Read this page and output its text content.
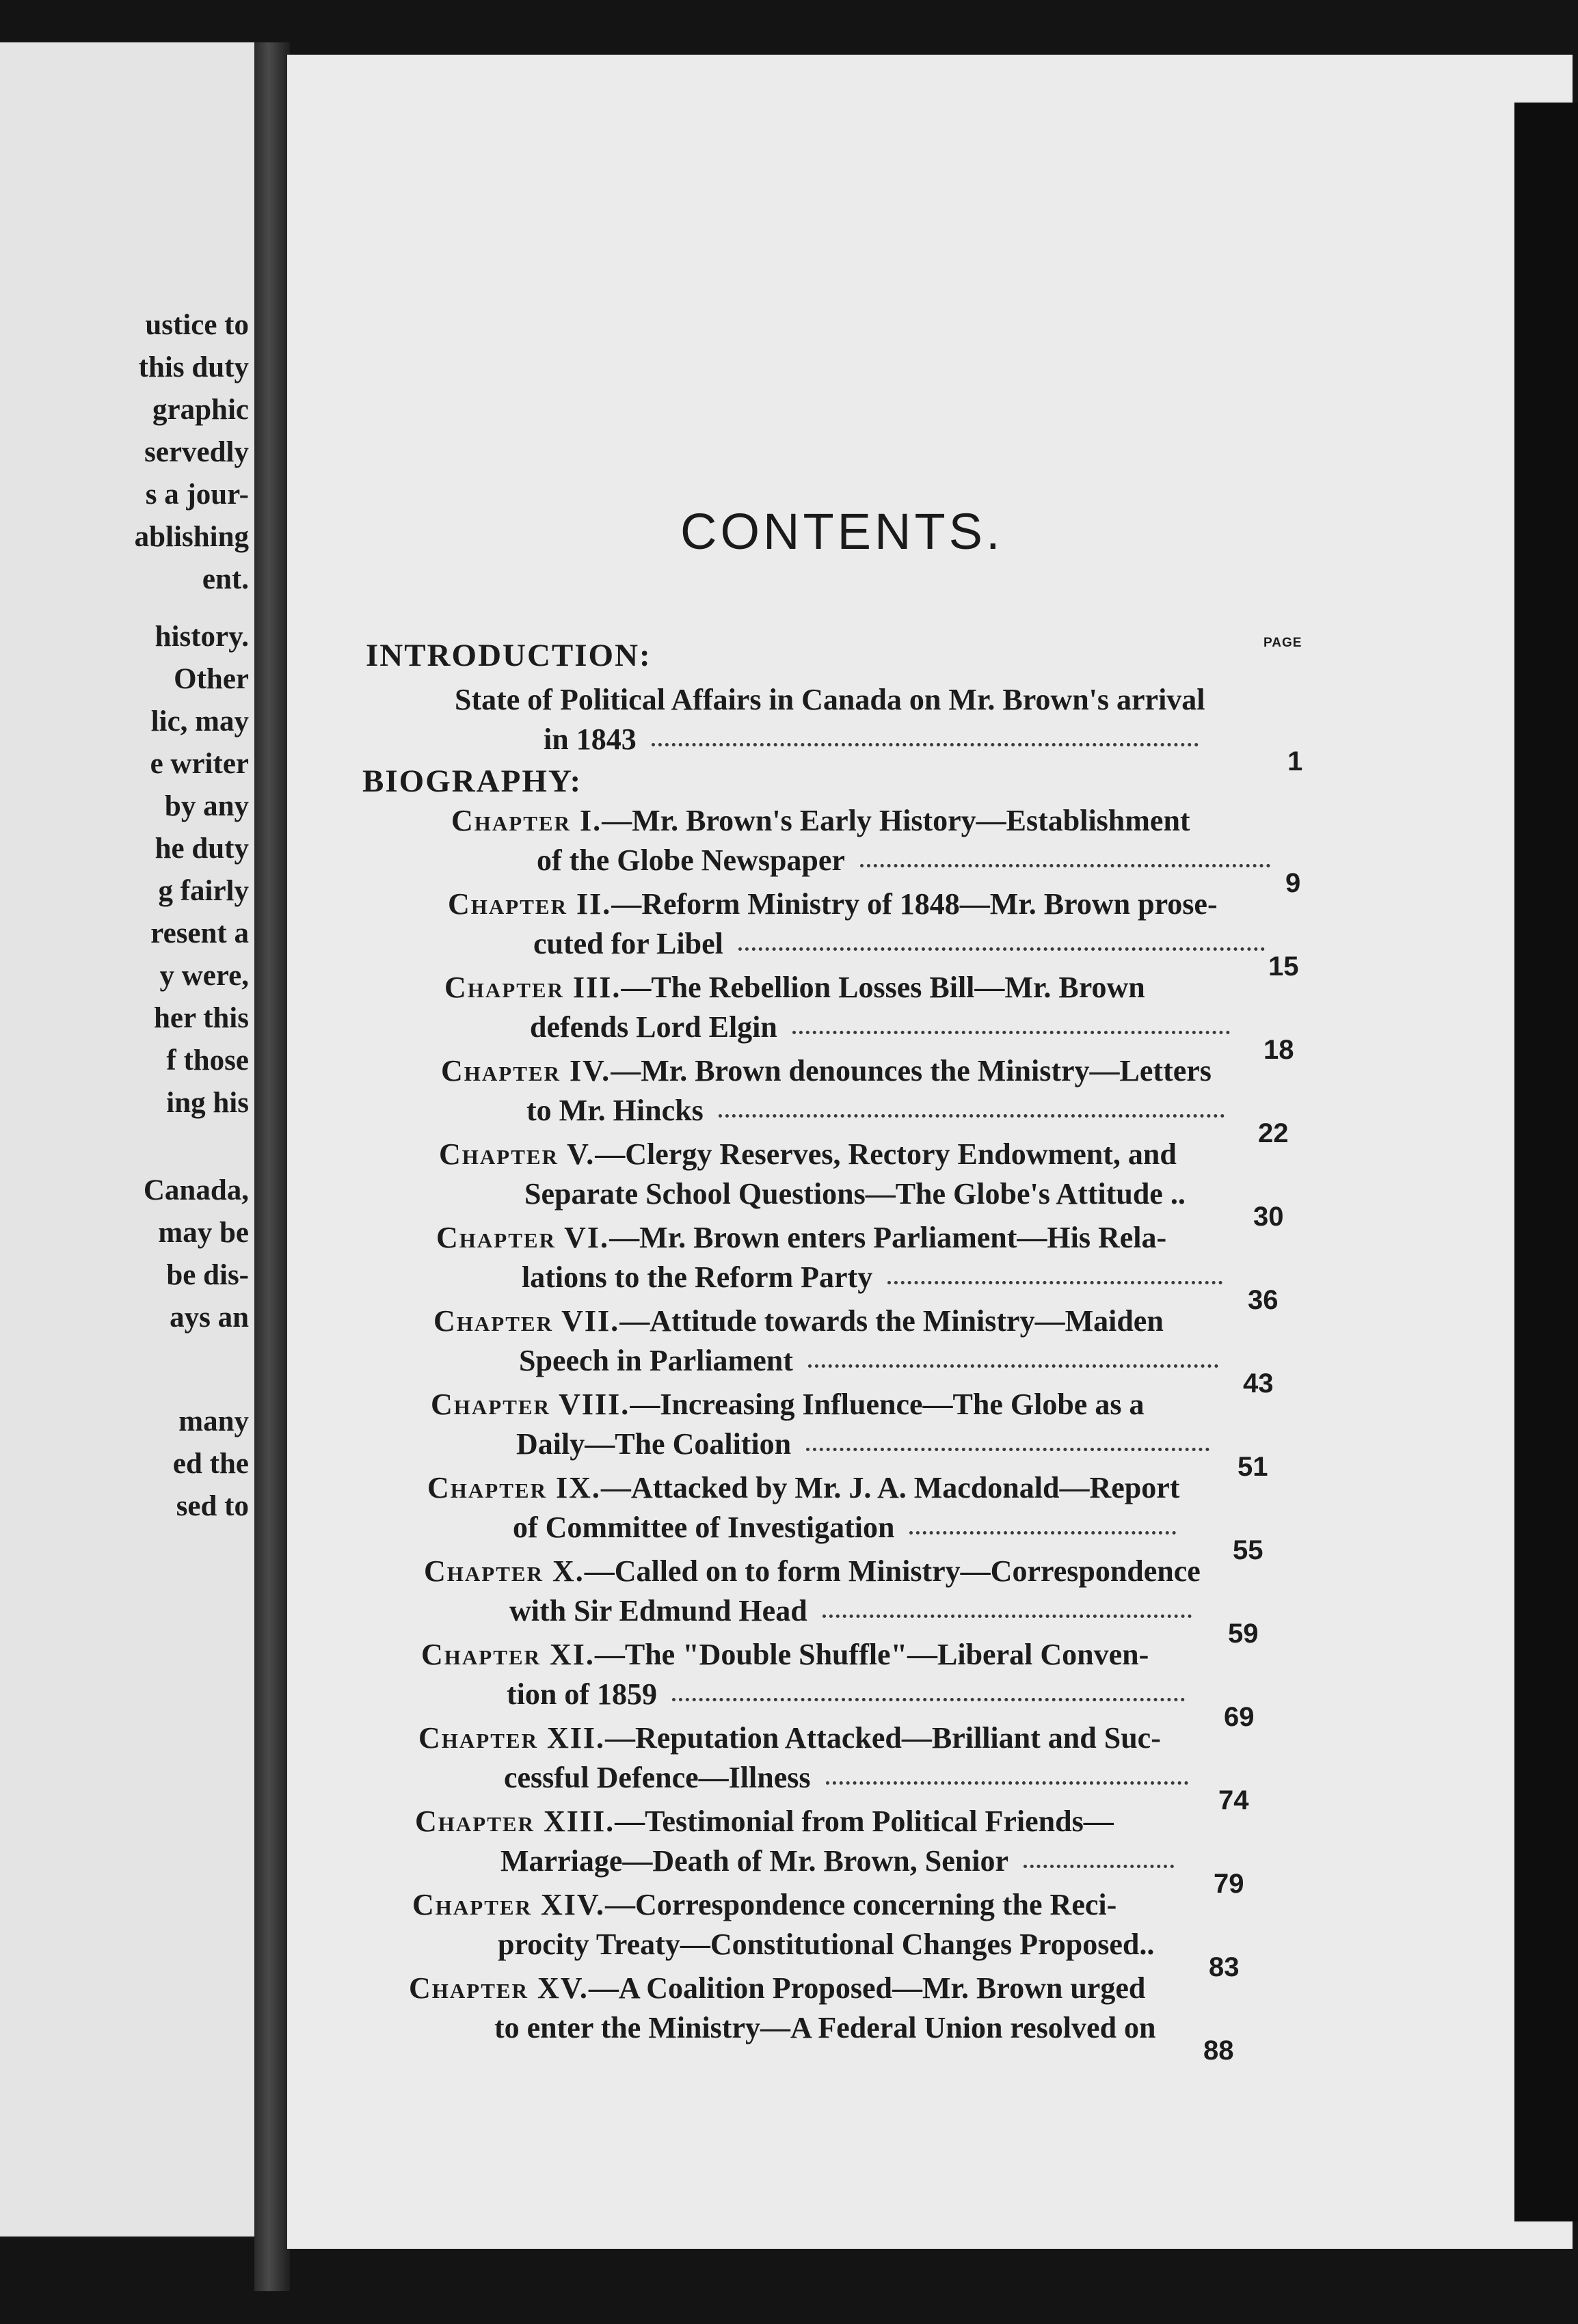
ustice to
this duty
graphic
servedly
s a jour-
ablishing
ent.
history.
Other
lic, may
e writer
by any
he duty
g fairly
resent a
y were,
her this
f those
ing his
Canada,
may be
be dis-
ays an
many
ed the
sed to
CONTENTS.
INTRODUCTION:	PAGE
State of Political Affairs in Canada on Mr. Brown's arrival
in 1843
1
BIOGRAPHY:
Chapter I.—Mr. Brown's Early History—Establishment
of the Globe Newspaper
9
Chapter II.—Reform Ministry of 1848—Mr. Brown prose-
cuted for Libel
15
Chapter III.—The Rebellion Losses Bill—Mr. Brown
defends Lord Elgin
18
Chapter IV.—Mr. Brown denounces the Ministry—Letters
to Mr. Hincks
22
Chapter V.—Clergy Reserves, Rectory Endowment, and
Separate School Questions—The Globe's Attitude ..
30
Chapter VI.—Mr. Brown enters Parliament—His Rela-
lations to the Reform Party
36
Chapter VII.—Attitude towards the Ministry—Maiden
Speech in Parliament
43
Chapter VIII.—Increasing Influence—The Globe as a
Daily—The Coalition
51
Chapter IX.—Attacked by Mr. J. A. Macdonald—Report
of Committee of Investigation
55
Chapter X.—Called on to form Ministry—Correspondence
with Sir Edmund Head
59
Chapter XI.—The "Double Shuffle"—Liberal Conven-
tion of 1859
69
Chapter XII.—Reputation Attacked—Brilliant and Suc-
cessful Defence—Illness
74
Chapter XIII.—Testimonial from Political Friends—
Marriage—Death of Mr. Brown, Senior
79
Chapter XIV.—Correspondence concerning the Reci-
procity Treaty—Constitutional Changes Proposed..
83
Chapter XV.—A Coalition Proposed—Mr. Brown urged
to enter the Ministry—A Federal Union resolved on
88
